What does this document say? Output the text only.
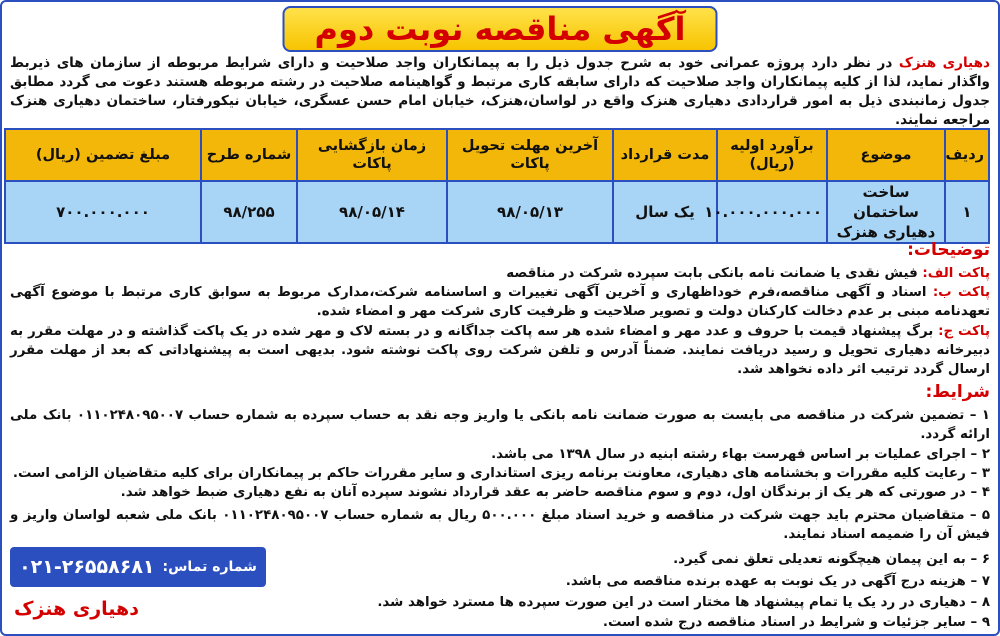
آگهی مناقصه نوبت دوم
دهیاری هنزک در نظر دارد پروژه عمرانی خود به شرح جدول ذیل را به پیمانکاران واجد صلاحیت و دارای شرایط مربوطه از سازمان های ذیربط واگذار نماید، لذا از کلیه پیمانکاران واجد صلاحیت که دارای سابقه کاری مرتبط و گواهینامه صلاحیت در رشته مربوطه هستند دعوت می گردد مطابق جدول زمانبندی ذیل به امور قراردادی دهیاری هنزک واقع در لواسان،هنزک، خیابان امام حسن عسگری، خیابان نیکورفتار، ساختمان دهیاری هنزک مراجعه نمایند.
ردیف	موضوع	برآورد اولیه (ریال)	مدت قرارداد	آخرین مهلت تحویل پاکات	زمان بازگشایی پاکات	شماره طرح	مبلغ تضمین (ریال)
۱	ساخت ساختمان دهیاری هنزک	۱۰.۰۰۰.۰۰۰.۰۰۰	یک سال	۹۸/۰۵/۱۳	۹۸/۰۵/۱۴	۹۸/۲۵۵	۷۰۰.۰۰۰.۰۰۰
توضیحات:
پاکت الف: فیش نقدی یا ضمانت نامه بانکی بابت سپرده شرکت در مناقصه
پاکت ب: اسناد و آگهی مناقصه،فرم خوداظهاری و آخرین آگهی تغییرات و اساسنامه شرکت،مدارک مربوط به سوابق کاری مرتبط با موضوع آگهی تعهدنامه مبنی بر عدم دخالت کارکنان دولت و تصویر صلاحیت و ظرفیت کاری شرکت مهر و امضاء شده.
پاکت ج: برگ پیشنهاد قیمت با حروف و عدد مهر و امضاء شده هر سه پاکت جداگانه و در بسته لاک و مهر شده در یک پاکت گذاشته و در مهلت مقرر به دبیرخانه دهیاری تحویل و رسید دریافت نمایند. ضمناً آدرس و تلفن شرکت روی پاکت نوشته شود. بدیهی است به پیشنهاداتی که بعد از مهلت مقرر ارسال گردد ترتیب اثر داده نخواهد شد.
شرایط:
۱ – تضمین شرکت در مناقصه می بایست به صورت ضمانت نامه بانکی یا واریز وجه نقد به حساب سپرده به شماره حساب ۰۱۱۰۲۴۸۰۹۵۰۰۷ بانک ملی ارائه گردد.
۲ – اجرای عملیات بر اساس فهرست بهاء رشته ابنیه در سال ۱۳۹۸ می باشد.
۳ – رعایت کلیه مقررات و بخشنامه های دهیاری، معاونت برنامه ریزی استانداری و سایر مقررات حاکم بر پیمانکاران برای کلیه متقاضیان الزامی است.
۴ – در صورتی که هر یک از برندگان اول، دوم و سوم مناقصه حاضر به عقد قرارداد نشوند سپرده آنان به نفع دهیاری ضبط خواهد شد.
۵ – متقاضیان محترم باید جهت شرکت در مناقصه و خرید اسناد مبلغ ۵۰۰.۰۰۰ ریال به شماره حساب ۰۱۱۰۲۴۸۰۹۵۰۰۷ بانک ملی شعبه لواسان واریز و فیش آن را ضمیمه اسناد نمایند.
۶ – به این پیمان هیچگونه تعدیلی تعلق نمی گیرد.
۷ – هزینه درج آگهی در یک نوبت به عهده برنده مناقصه می باشد.
۸ – دهیاری در رد یک یا تمام پیشنهاد ها مختار است در این صورت سپرده ها مسترد خواهد شد.
۹ – سایر جزئیات و شرایط در اسناد مناقصه درج شده است.
شماره تماس:
۰۲۱-۲۶۵۵۸۶۸۱
دهیاری هنزک
